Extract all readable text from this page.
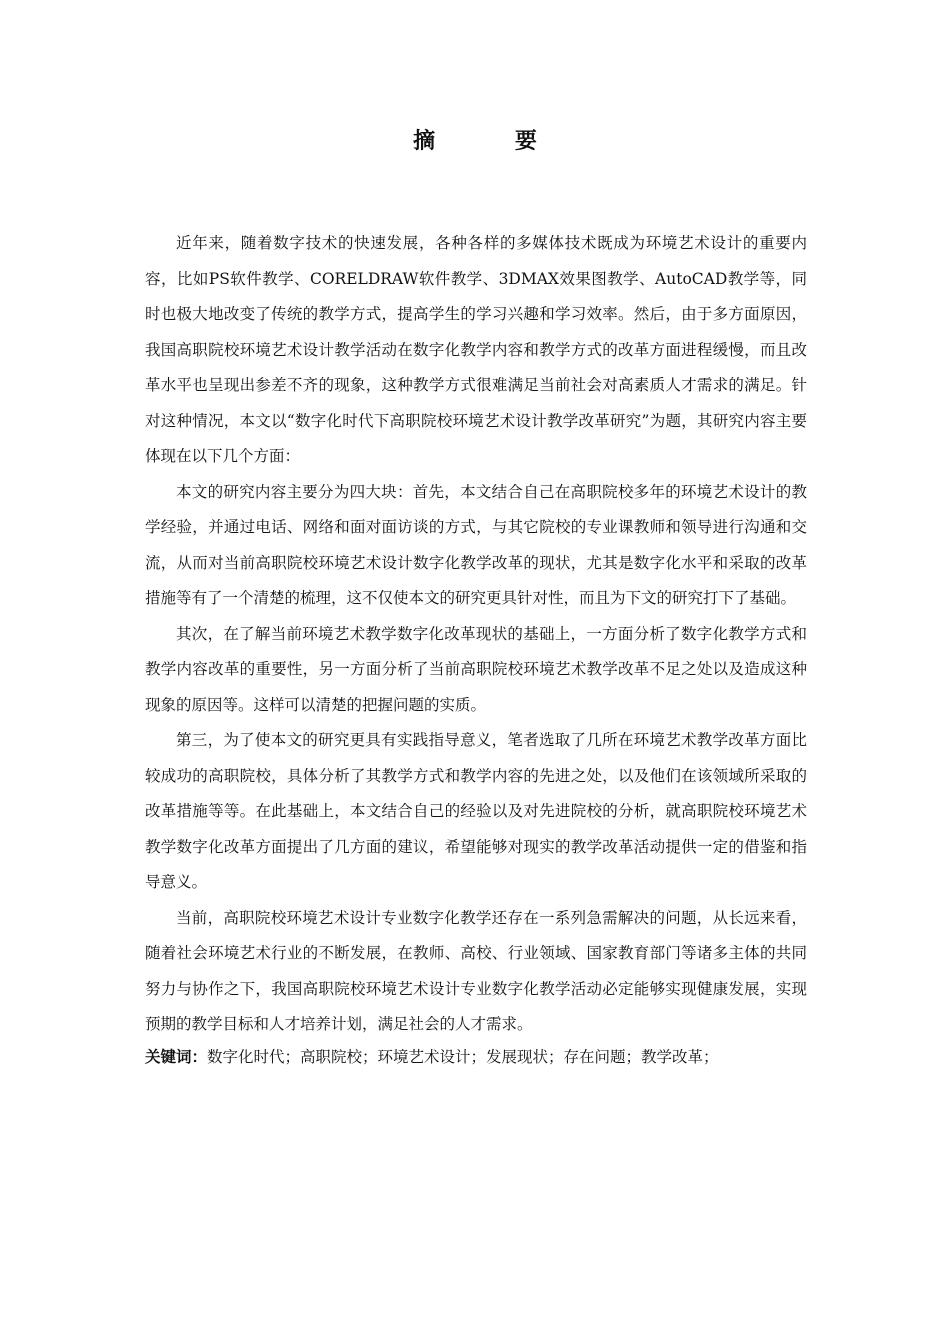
摘 要

近年来，随着数字技术的快速发展，各种各样的多媒体技术既成为环境艺术设计的重要内容，比如PS软件教学、CORELDRAW软件教学、3DMAX效果图教学、AutoCAD教学等，同时也极大地改变了传统的教学方式，提高学生的学习兴趣和学习效率。然后，由于多方面原因，我国高职院校环境艺术设计教学活动在数字化教学内容和教学方式的改革方面进程缓慢，而且改革水平也呈现出参差不齐的现象，这种教学方式很难满足当前社会对高素质人才需求的满足。针对这种情况，本文以“数字化时代下高职院校环境艺术设计教学改革研究”为题，其研究内容主要体现在以下几个方面：

本文的研究内容主要分为四大块：首先，本文结合自己在高职院校多年的环境艺术设计的教学经验，并通过电话、网络和面对面访谈的方式，与其它院校的专业课教师和领导进行沟通和交流，从而对当前高职院校环境艺术设计数字化教学改革的现状，尤其是数字化水平和采取的改革措施等有了一个清楚的梳理，这不仅使本文的研究更具针对性，而且为下文的研究打下了基础。

其次，在了解当前环境艺术教学数字化改革现状的基础上，一方面分析了数字化教学方式和教学内容改革的重要性，另一方面分析了当前高职院校环境艺术教学改革不足之处以及造成这种现象的原因等。这样可以清楚的把握问题的实质。

第三，为了使本文的研究更具有实践指导意义，笔者选取了几所在环境艺术教学改革方面比较成功的高职院校，具体分析了其教学方式和教学内容的先进之处，以及他们在该领域所采取的改革措施等等。在此基础上，本文结合自己的经验以及对先进院校的分析，就高职院校环境艺术教学数字化改革方面提出了几方面的建议，希望能够对现实的教学改革活动提供一定的借鉴和指导意义。

当前，高职院校环境艺术设计专业数字化教学还存在一系列急需解决的问题，从长远来看，随着社会环境艺术行业的不断发展，在教师、高校、行业领域、国家教育部门等诸多主体的共同努力与协作之下，我国高职院校环境艺术设计专业数字化教学活动必定能够实现健康发展，实现预期的教学目标和人才培养计划，满足社会的人才需求。

关键词：数字化时代；高职院校；环境艺术设计；发展现状；存在问题；教学改革；
